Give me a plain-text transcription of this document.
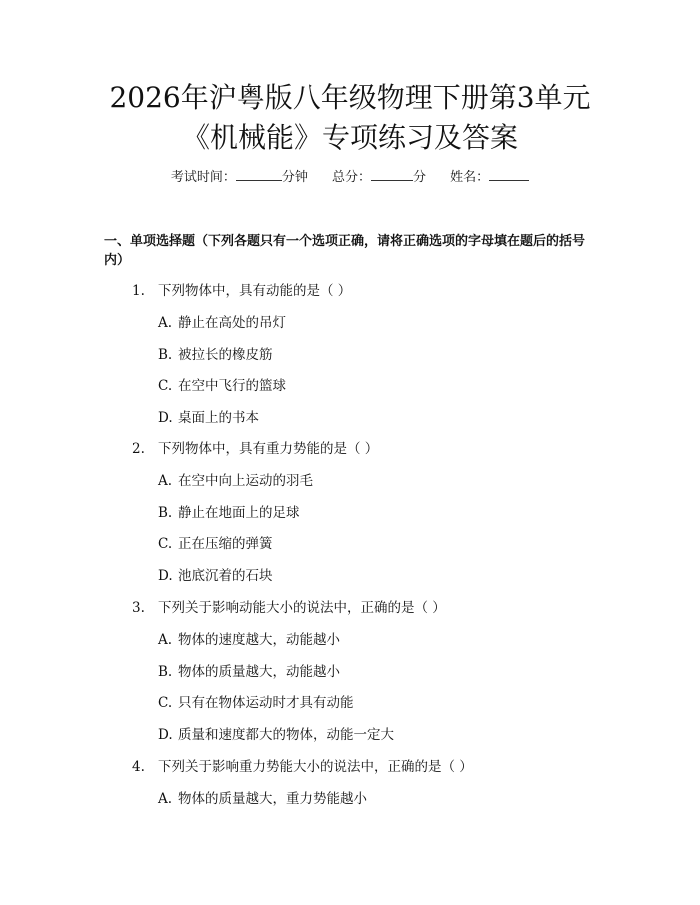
2026年沪粤版八年级物理下册第3单元《机械能》专项练习及答案
考试时间：	分钟 总分：	分 姓名：
一、单项选择题（下列各题只有一个选项正确，请将正确选项的字母填在题后的括号内）
1. 下列物体中，具有动能的是（ ）
A. 静止在高处的吊灯
B. 被拉长的橡皮筋
C. 在空中飞行的篮球
D. 桌面上的书本
2. 下列物体中，具有重力势能的是（ ）
A. 在空中向上运动的羽毛
B. 静止在地面上的足球
C. 正在压缩的弹簧
D. 池底沉着的石块
3. 下列关于影响动能大小的说法中，正确的是（ ）
A. 物体的速度越大，动能越小
B. 物体的质量越大，动能越小
C. 只有在物体运动时才具有动能
D. 质量和速度都大的物体，动能一定大
4. 下列关于影响重力势能大小的说法中，正确的是（ ）
A. 物体的质量越大，重力势能越小
